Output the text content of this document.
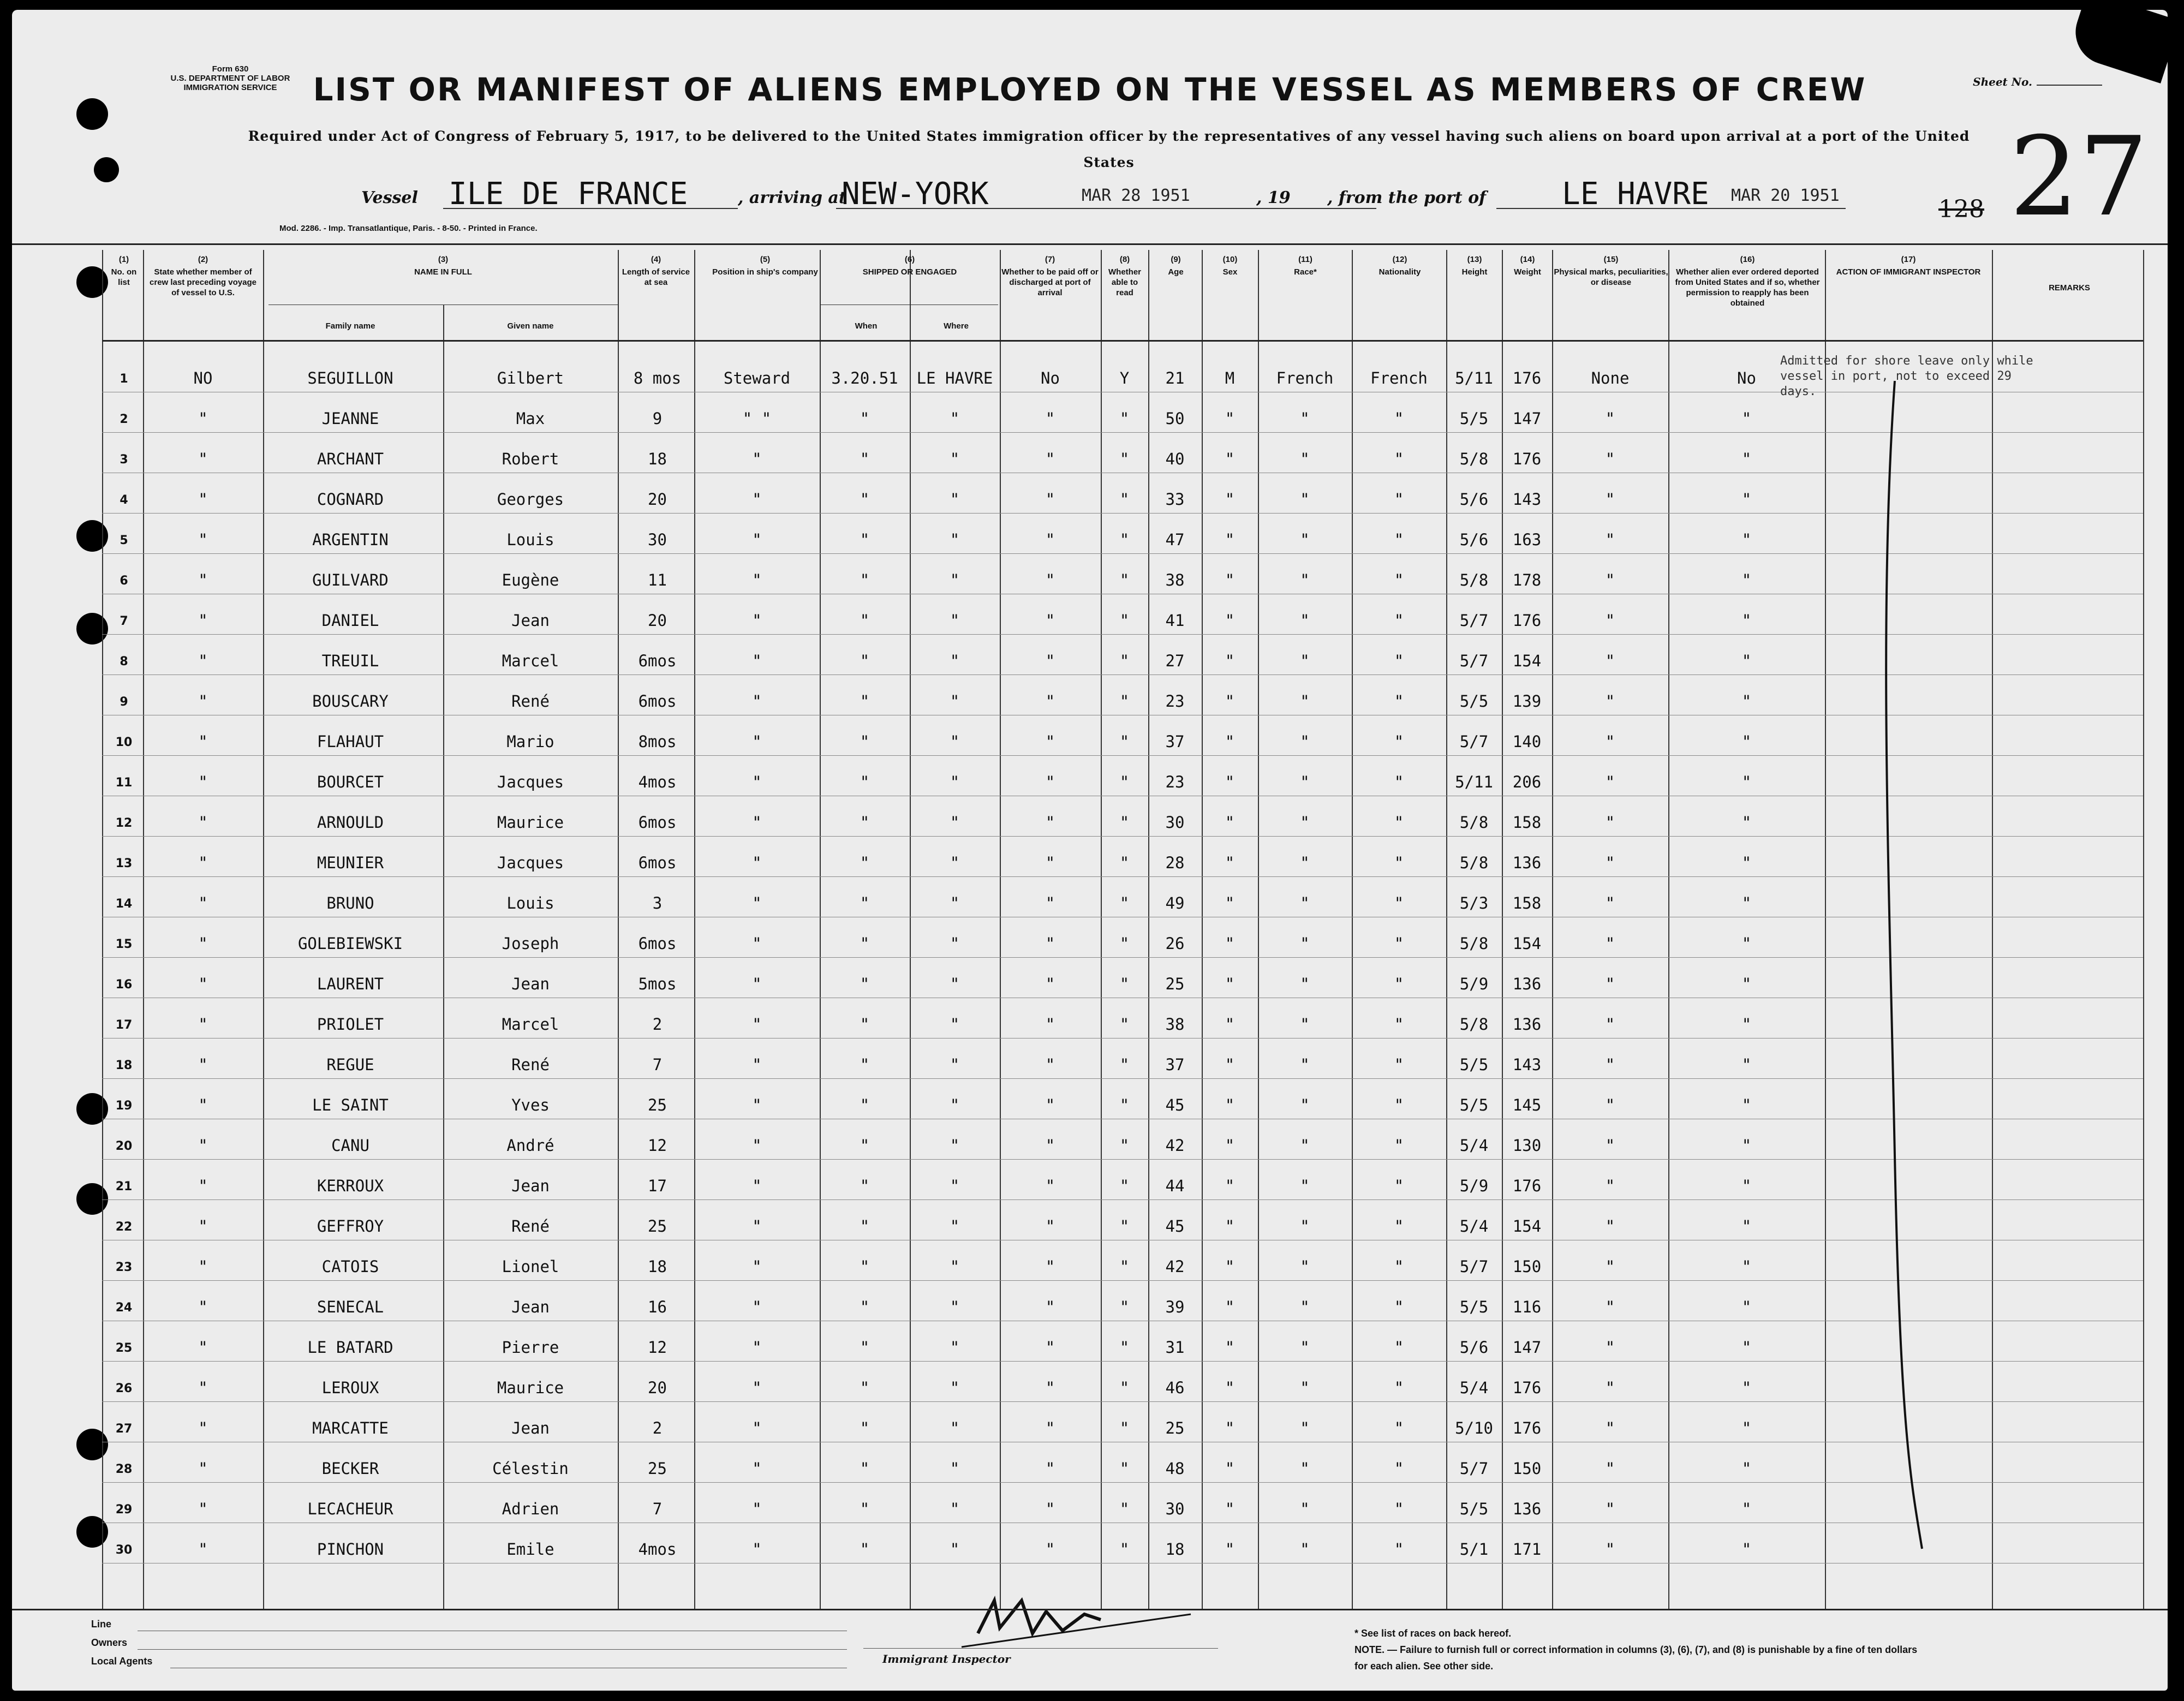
Form 630
U.S. DEPARTMENT OF LABOR
IMMIGRATION SERVICE	LIST OR MANIFEST OF ALIENS EMPLOYED ON THE VESSEL AS MEMBERS OF CREW	Sheet No.
Required under Act of Congress of February 5, 1917, to be delivered to the United States immigration officer by the representatives of any vessel having such aliens on board upon arrival at a port of the United States
Vessel ILE DE FRANCE	, arriving at
NEW-YORK	MAR 28 1951	, 19 , from the port of LE HAVRE MAR 20 1951 27
128
Mod. 2286. - Imp. Transatlantique, Paris. - 8-50. - Printed in France.
(1)
No. on list
(2)
State whether member of crew last preceding voyage of vessel to U.S.
(3)
NAME IN FULL
Family name	Given name
(4)
Length of service at sea
(5)
Position in ship's company
(6)
SHIPPED OR ENGAGED
When	Where
(7)
Whether to be paid off or discharged at port of arrival
(8)
Whether able to read
(9)
Age
(10)
Sex
(11)
Race*
(12)
Nationality
(13)
Height
(14)
Weight
(15)
Physical marks, peculiarities, or disease
(16)
Whether alien ever ordered deported from United States and if so, whether permission to reapply has been obtained
(17)
ACTION OF IMMIGRANT INSPECTOR
REMARKS
1	NO	SEGUILLON	Gilbert	8 mos	Steward	3.20.51	LE HAVRE	No	Y	21	M	French	French	5/11	176	None	No
2	"	JEANNE	Max	9	" "	"	"	"	"	50	"	"	"	5/5	147	"	"
3	"	ARCHANT	Robert	18	"	"	"	"	"	40	"	"	"	5/8	176	"	"
4	"	COGNARD	Georges	20	"	"	"	"	"	33	"	"	"	5/6	143	"	"
5	"	ARGENTIN	Louis	30	"	"	"	"	"	47	"	"	"	5/6	163	"	"
6	"	GUILVARD	Eugène	11	"	"	"	"	"	38	"	"	"	5/8	178	"	"
7	"	DANIEL	Jean	20	"	"	"	"	"	41	"	"	"	5/7	176	"	"
8	"	TREUIL	Marcel	6mos	"	"	"	"	"	27	"	"	"	5/7	154	"	"
9	"	BOUSCARY	René	6mos	"	"	"	"	"	23	"	"	"	5/5	139	"	"
10	"	FLAHAUT	Mario	8mos	"	"	"	"	"	37	"	"	"	5/7	140	"	"
11	"	BOURCET	Jacques	4mos	"	"	"	"	"	23	"	"	"	5/11	206	"	"
12	"	ARNOULD	Maurice	6mos	"	"	"	"	"	30	"	"	"	5/8	158	"	"
13	"	MEUNIER	Jacques	6mos	"	"	"	"	"	28	"	"	"	5/8	136	"	"
14	"	BRUNO	Louis	3	"	"	"	"	"	49	"	"	"	5/3	158	"	"
15	"	GOLEBIEWSKI	Joseph	6mos	"	"	"	"	"	26	"	"	"	5/8	154	"	"
16	"	LAURENT	Jean	5mos	"	"	"	"	"	25	"	"	"	5/9	136	"	"
17	"	PRIOLET	Marcel	2	"	"	"	"	"	38	"	"	"	5/8	136	"	"
18	"	REGUE	René	7	"	"	"	"	"	37	"	"	"	5/5	143	"	"
19	"	LE SAINT	Yves	25	"	"	"	"	"	45	"	"	"	5/5	145	"	"
20	"	CANU	André	12	"	"	"	"	"	42	"	"	"	5/4	130	"	"
21	"	KERROUX	Jean	17	"	"	"	"	"	44	"	"	"	5/9	176	"	"
22	"	GEFFROY	René	25	"	"	"	"	"	45	"	"	"	5/4	154	"	"
23	"	CATOIS	Lionel	18	"	"	"	"	"	42	"	"	"	5/7	150	"	"
24	"	SENECAL	Jean	16	"	"	"	"	"	39	"	"	"	5/5	116	"	"
25	"	LE BATARD	Pierre	12	"	"	"	"	"	31	"	"	"	5/6	147	"	"
26	"	LEROUX	Maurice	20	"	"	"	"	"	46	"	"	"	5/4	176	"	"
27	"	MARCATTE	Jean	2	"	"	"	"	"	25	"	"	"	5/10	176	"	"
28	"	BECKER	Célestin	25	"	"	"	"	"	48	"	"	"	5/7	150	"	"
29	"	LECACHEUR	Adrien	7	"	"	"	"	"	30	"	"	"	5/5	136	"	"
30	"	PINCHON	Emile	4mos	"	"	"	"	"	18	"	"	"	5/1	171	"	"
Admitted for shore leave only while vessel in port, not to exceed 29 days.
Line
Owners
Local Agents	Immigrant Inspector
* See list of races on back hereof.
NOTE. — Failure to furnish full or correct information in columns (3), (6), (7), and (8) is punishable by a fine of ten dollars for each alien. See other side.
